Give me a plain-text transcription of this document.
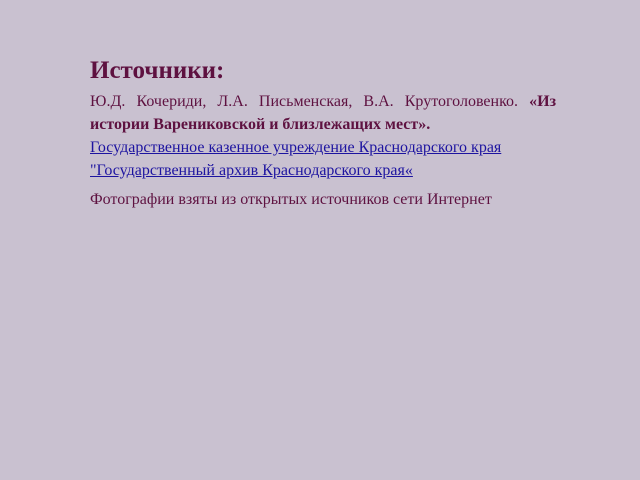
Источники:

Ю.Д. Кочериди, Л.А. Письменская, В.А. Крутоголовенко. «Из истории Варениковской и близлежащих мест».

Государственное казенное учреждение Краснодарского края
"Государственный архив Краснодарского края«

Фотографии взяты из открытых источников сети Интернет
